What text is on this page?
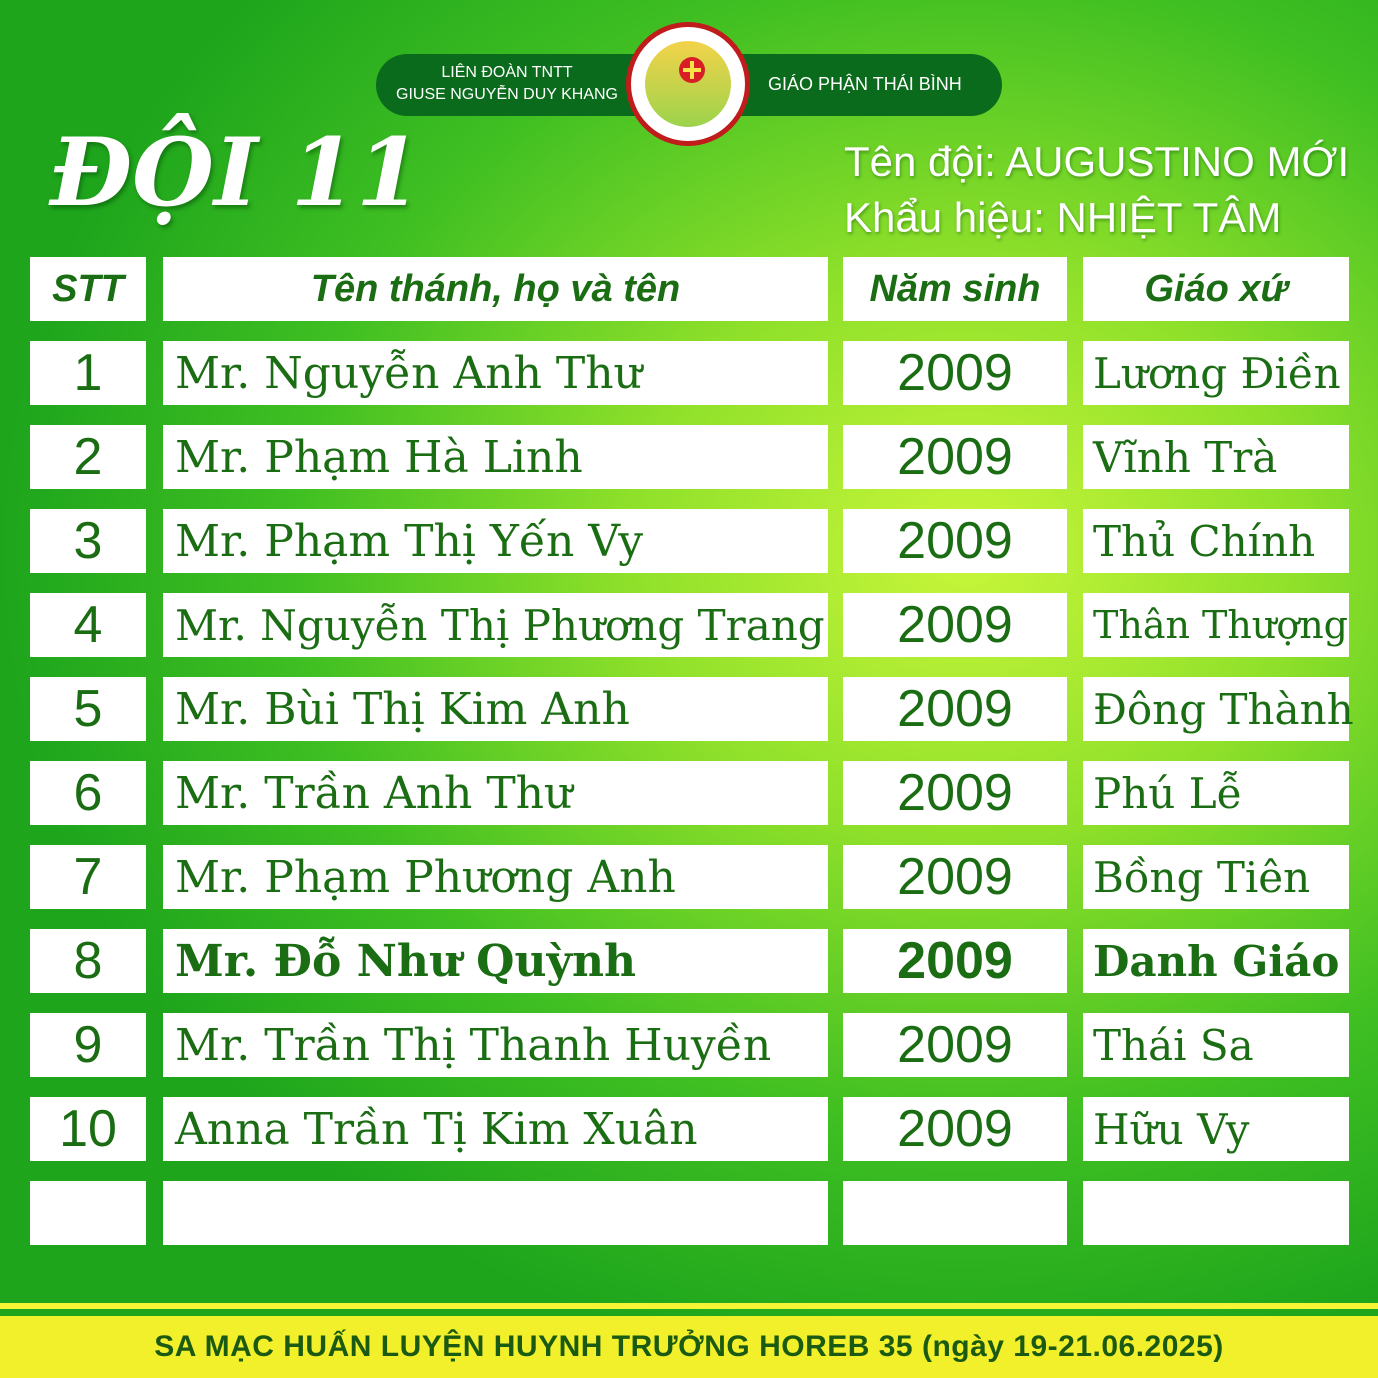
LIÊN ĐOÀN TNTT
GIUSE NGUYỄN DUY KHANG
GIÁO PHẬN THÁI BÌNH
ĐỘI 11	Tên đội: AUGUSTINO MỚI
Khẩu hiệu: NHIỆT TÂM
STT	Tên thánh, họ và tên	Năm sinh	Giáo xứ
1	Mr. Nguyễn Anh Thư	2009	Lương Điền
2	Mr. Phạm Hà Linh	2009	Vĩnh Trà
3	Mr. Phạm Thị Yến Vy	2009	Thủ Chính
4	Mr. Nguyễn Thị Phương Trang	2009	Thân Thượng
5	Mr. Bùi Thị Kim Anh	2009	Đông Thành
6	Mr. Trần Anh Thư	2009	Phú Lễ
7	Mr. Phạm Phương Anh	2009	Bồng Tiên
8	Mr. Đỗ Như Quỳnh	2009	Danh Giáo
9	Mr. Trần Thị Thanh Huyền	2009	Thái Sa
10	Anna Trần Tị Kim Xuân	2009	Hữu Vy
SA MẠC HUẤN LUYỆN HUYNH TRƯỞNG HOREB 35 (ngày 19-21.06.2025)
